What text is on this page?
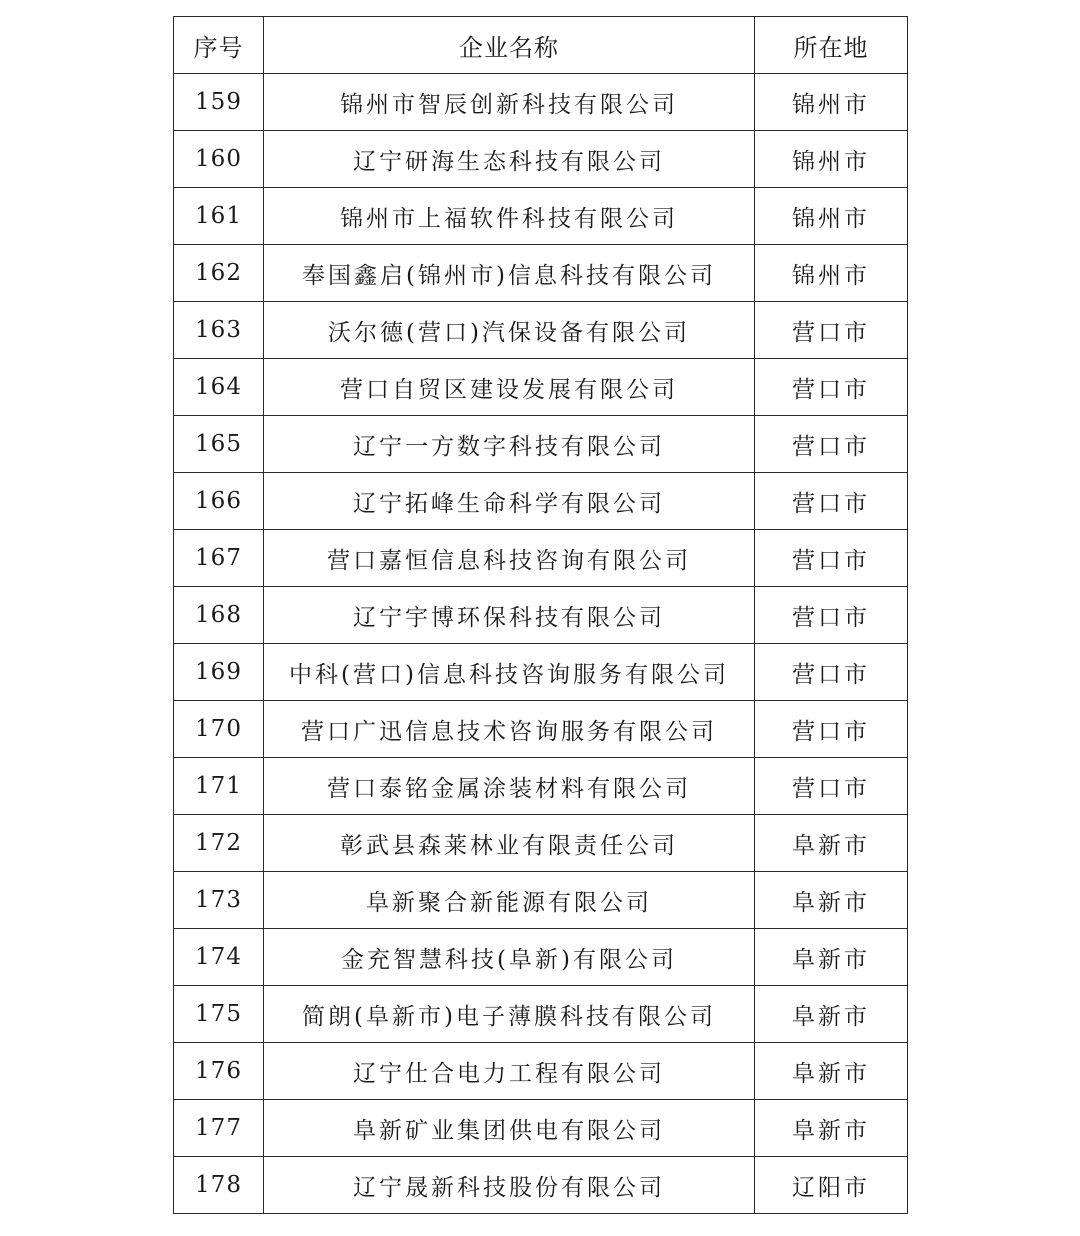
序号	企业名称	所在地
159	锦州市智辰创新科技有限公司	锦州市
160	辽宁研海生态科技有限公司	锦州市
161	锦州市上福软件科技有限公司	锦州市
162	奉国鑫启(锦州市)信息科技有限公司	锦州市
163	沃尔德(营口)汽保设备有限公司	营口市
164	营口自贸区建设发展有限公司	营口市
165	辽宁一方数字科技有限公司	营口市
166	辽宁拓峰生命科学有限公司	营口市
167	营口嘉恒信息科技咨询有限公司	营口市
168	辽宁宇博环保科技有限公司	营口市
169	中科(营口)信息科技咨询服务有限公司	营口市
170	营口广迅信息技术咨询服务有限公司	营口市
171	营口泰铭金属涂装材料有限公司	营口市
172	彰武县森莱林业有限责任公司	阜新市
173	阜新聚合新能源有限公司	阜新市
174	金充智慧科技(阜新)有限公司	阜新市
175	简朗(阜新市)电子薄膜科技有限公司	阜新市
176	辽宁仕合电力工程有限公司	阜新市
177	阜新矿业集团供电有限公司	阜新市
178	辽宁晟新科技股份有限公司	辽阳市
